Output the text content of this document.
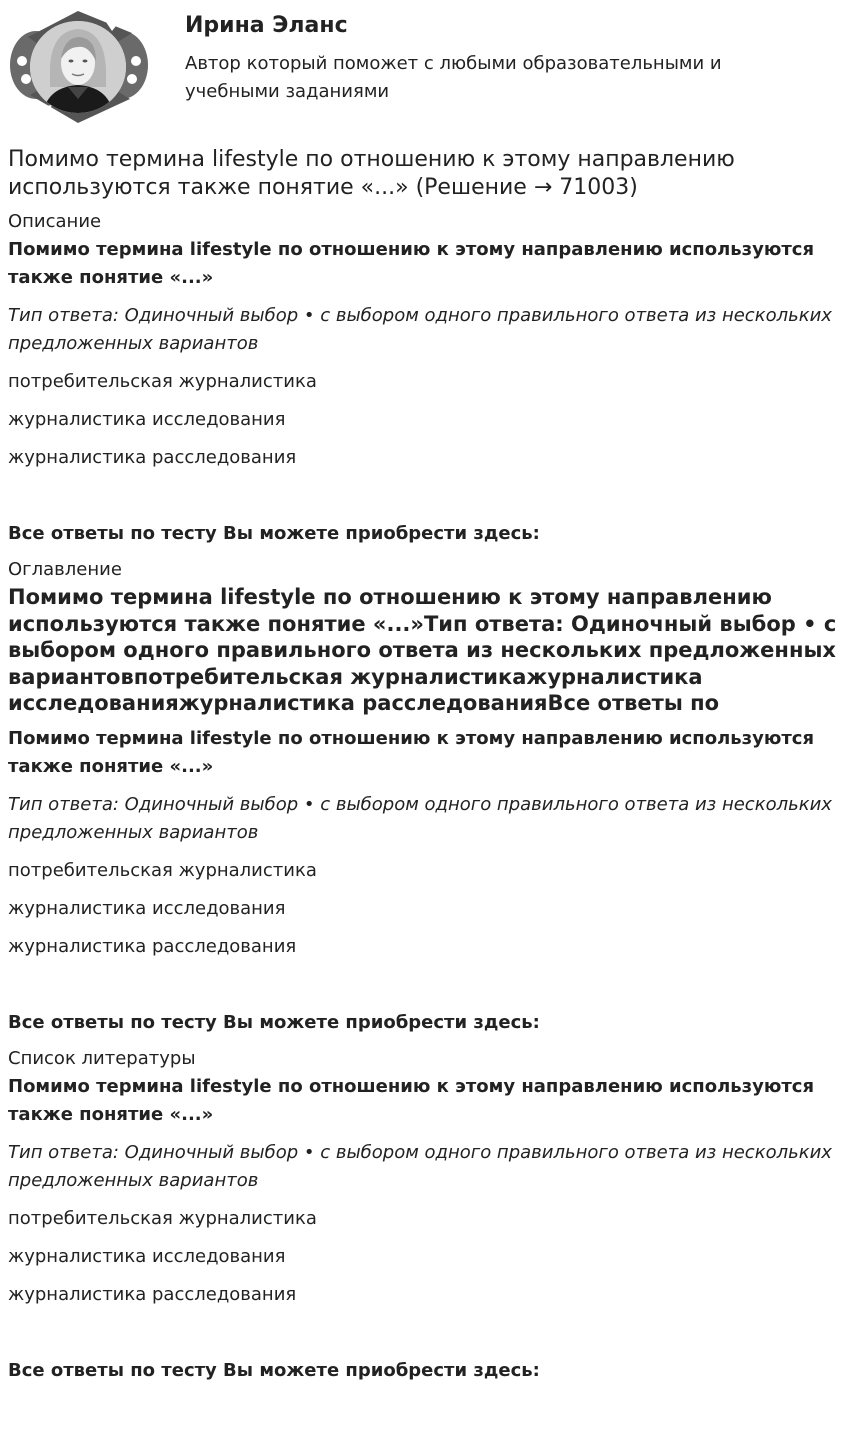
Ирина Эланс
Автор который поможет с любыми образовательными и учебными заданиями
Помимо термина lifestyle по отношению к этому направлению используются также понятие «...» (Решение → 71003)
Описание
Помимо термина lifestyle по отношению к этому направлению используются также понятие «...»
Тип ответа: Одиночный выбор • с выбором одного правильного ответа из нескольких предложенных вариантов
потребительская журналистика
журналистика исследования
журналистика расследования
Все ответы по тесту Вы можете приобрести здесь:
Оглавление
Помимо термина lifestyle по отношению к этому направлению используются также понятие «...»Тип ответа: Одиночный выбор • с выбором одного правильного ответа из нескольких предложенных вариантовпотребительская журналистикажурналистика исследованияжурналистика расследованияВсе ответы по
Помимо термина lifestyle по отношению к этому направлению используются также понятие «...»
Тип ответа: Одиночный выбор • с выбором одного правильного ответа из нескольких предложенных вариантов
потребительская журналистика
журналистика исследования
журналистика расследования
Все ответы по тесту Вы можете приобрести здесь:
Список литературы
Помимо термина lifestyle по отношению к этому направлению используются также понятие «...»
Тип ответа: Одиночный выбор • с выбором одного правильного ответа из нескольких предложенных вариантов
потребительская журналистика
журналистика исследования
журналистика расследования
Все ответы по тесту Вы можете приобрести здесь:
